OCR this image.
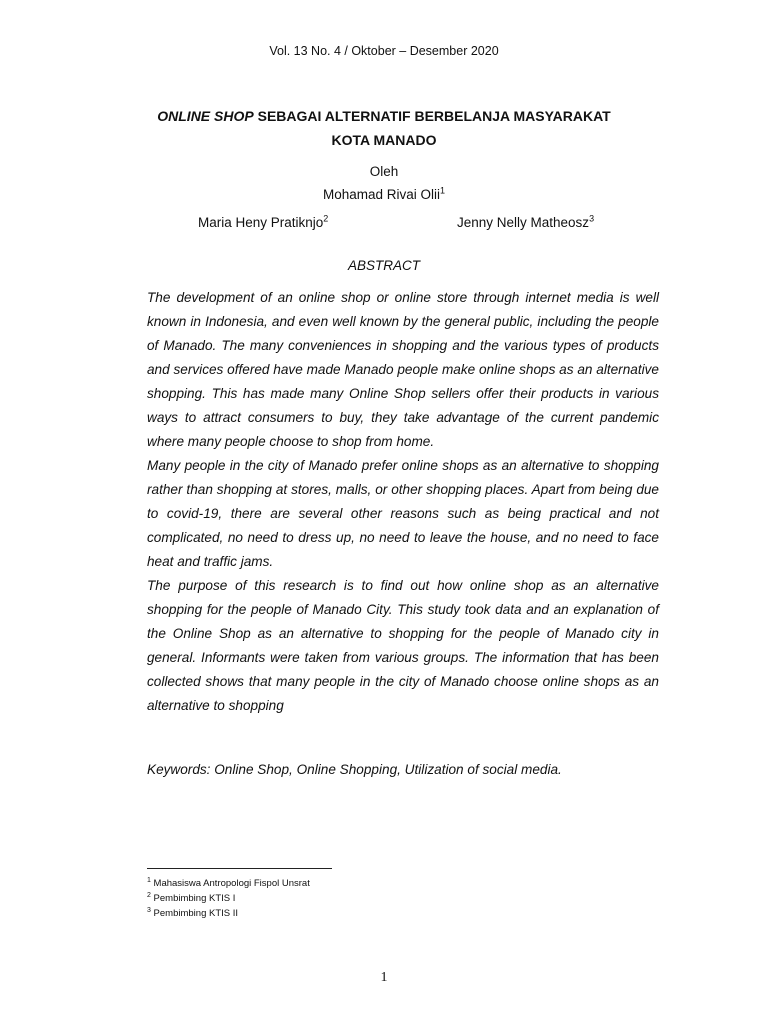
Vol. 13 No. 4 / Oktober – Desember 2020
ONLINE SHOP SEBAGAI ALTERNATIF BERBELANJA MASYARAKAT
KOTA MANADO
Oleh
Mohamad Rivai Olii$^1$
Maria Heny Pratiknjo$^2$	Jenny Nelly Matheosz$^3$
ABSTRACT

The development of an online shop or online store through internet media is well known in Indonesia, and even well known by the general public, including the people of Manado. The many conveniences in shopping and the various types of products and services offered have made Manado people make online shops as an alternative shopping. This has made many Online Shop sellers offer their products in various ways to attract consumers to buy, they take advantage of the current pandemic where many people choose to shop from home.

Many people in the city of Manado prefer online shops as an alternative to shopping rather than shopping at stores, malls, or other shopping places. Apart from being due to covid-19, there are several other reasons such as being practical and not complicated, no need to dress up, no need to leave the house, and no need to face heat and traffic jams.

The purpose of this research is to find out how online shop as an alternative shopping for the people of Manado City. This study took data and an explanation of the Online Shop as an alternative to shopping for the people of Manado city in general. Informants were taken from various groups. The information that has been collected shows that many people in the city of Manado choose online shops as an alternative to shopping

Keywords: Online Shop, Online Shopping, Utilization of social media.
$^1$ Mahasiswa Antropologi Fispol Unsrat
$^2$ Pembimbing KTIS I
$^3$ Pembimbing KTIS II
1
